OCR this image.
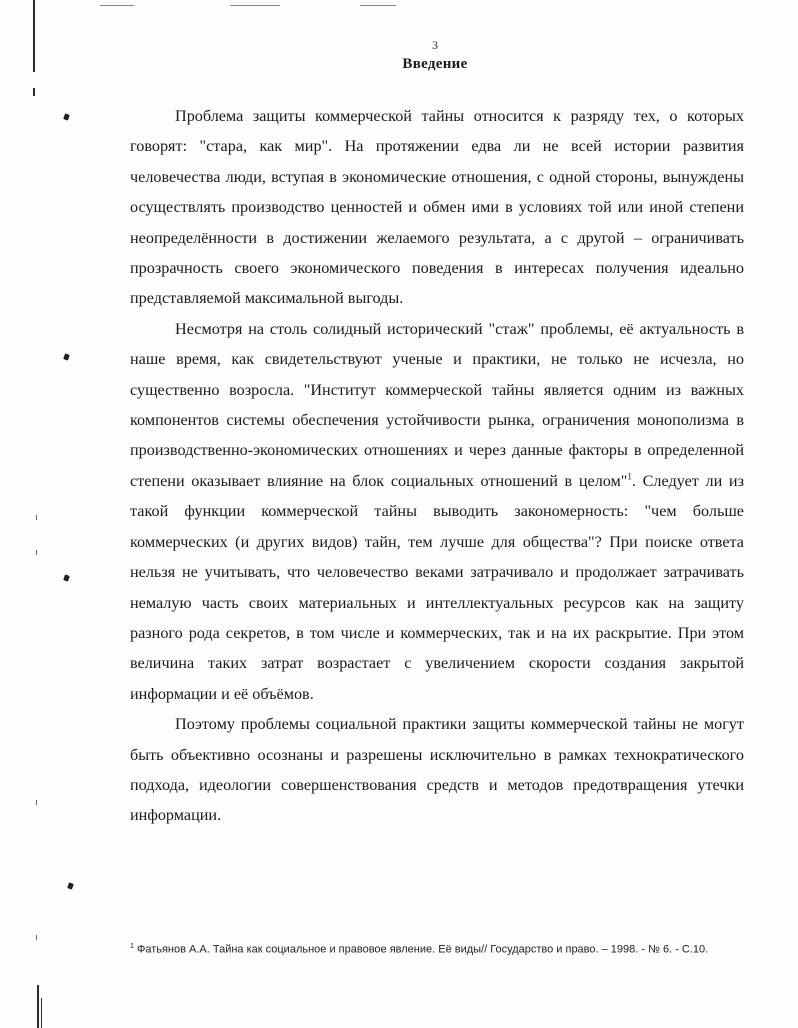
3
Введение

Проблема защиты коммерческой тайны относится к разряду тех, о которых говорят: "стара, как мир". На протяжении едва ли не всей истории развития человечества люди, вступая в экономические отношения, с одной стороны, вынуждены осуществлять производство ценностей и обмен ими в условиях той или иной степени неопределённости в достижении желаемого результата, а с другой – ограничивать прозрачность своего экономического поведения в интересах получения идеально представляемой максимальной выгоды.

Несмотря на столь солидный исторический "стаж" проблемы, её актуальность в наше время, как свидетельствуют ученые и практики, не только не исчезла, но существенно возросла. "Институт коммерческой тайны является одним из важных компонентов системы обеспечения устойчивости рынка, ограничения монополизма в производственно-экономических отношениях и через данные факторы в определенной степени оказывает влияние на блок социальных отношений в целом"$^1$. Следует ли из такой функции коммерческой тайны выводить закономерность: "чем больше коммерческих (и других видов) тайн, тем лучше для общества"? При поиске ответа нельзя не учитывать, что человечество веками затрачивало и продолжает затрачивать немалую часть своих материальных и интеллектуальных ресурсов как на защиту разного рода секретов, в том числе и коммерческих, так и на их раскрытие. При этом величина таких затрат возрастает с увеличением скорости создания закрытой информации и её объёмов.

Поэтому проблемы социальной практики защиты коммерческой тайны не могут быть объективно осознаны и разрешены исключительно в рамках технократического подхода, идеологии совершенствования средств и методов предотвращения утечки информации.

$^1$ Фатьянов А.А. Тайна как социальное и правовое явление. Её виды// Государство и право. – 1998. - № 6. - С.10.
